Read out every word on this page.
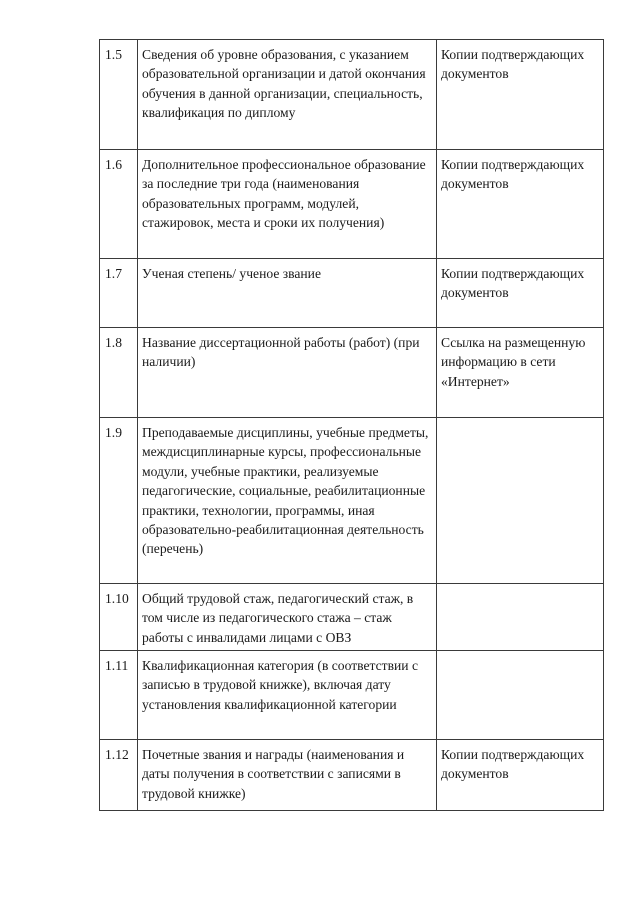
1.5	Сведения об уровне образования, с указанием образовательной организации и датой окончания обучения в данной организации, специальность, квалификация по диплому	Копии подтверждающих документов
1.6	Дополнительное профессиональное образование за последние три года (наименования образовательных программ, модулей, стажировок, места и сроки их получения)	Копии подтверждающих документов
1.7	Ученая степень/ ученое звание	Копии подтверждающих документов
1.8	Название диссертационной работы (работ) (при наличии)	Ссылка на размещенную информацию в сети «Интернет»
1.9	Преподаваемые дисциплины, учебные предметы, междисциплинарные курсы, профессиональные модули, учебные практики, реализуемые педагогические, социальные, реабилитационные практики, технологии, программы, иная образовательно-реабилитационная деятельность (перечень)	
1.10	Общий трудовой стаж, педагогический стаж, в том числе из педагогического стажа – стаж работы с инвалидами лицами с ОВЗ	
1.11	Квалификационная категория (в соответствии с записью в трудовой книжке), включая дату установления квалификационной категории	
1.12	Почетные звания и награды (наименования и даты получения в соответствии с записями в трудовой книжке)	Копии подтверждающих документов
